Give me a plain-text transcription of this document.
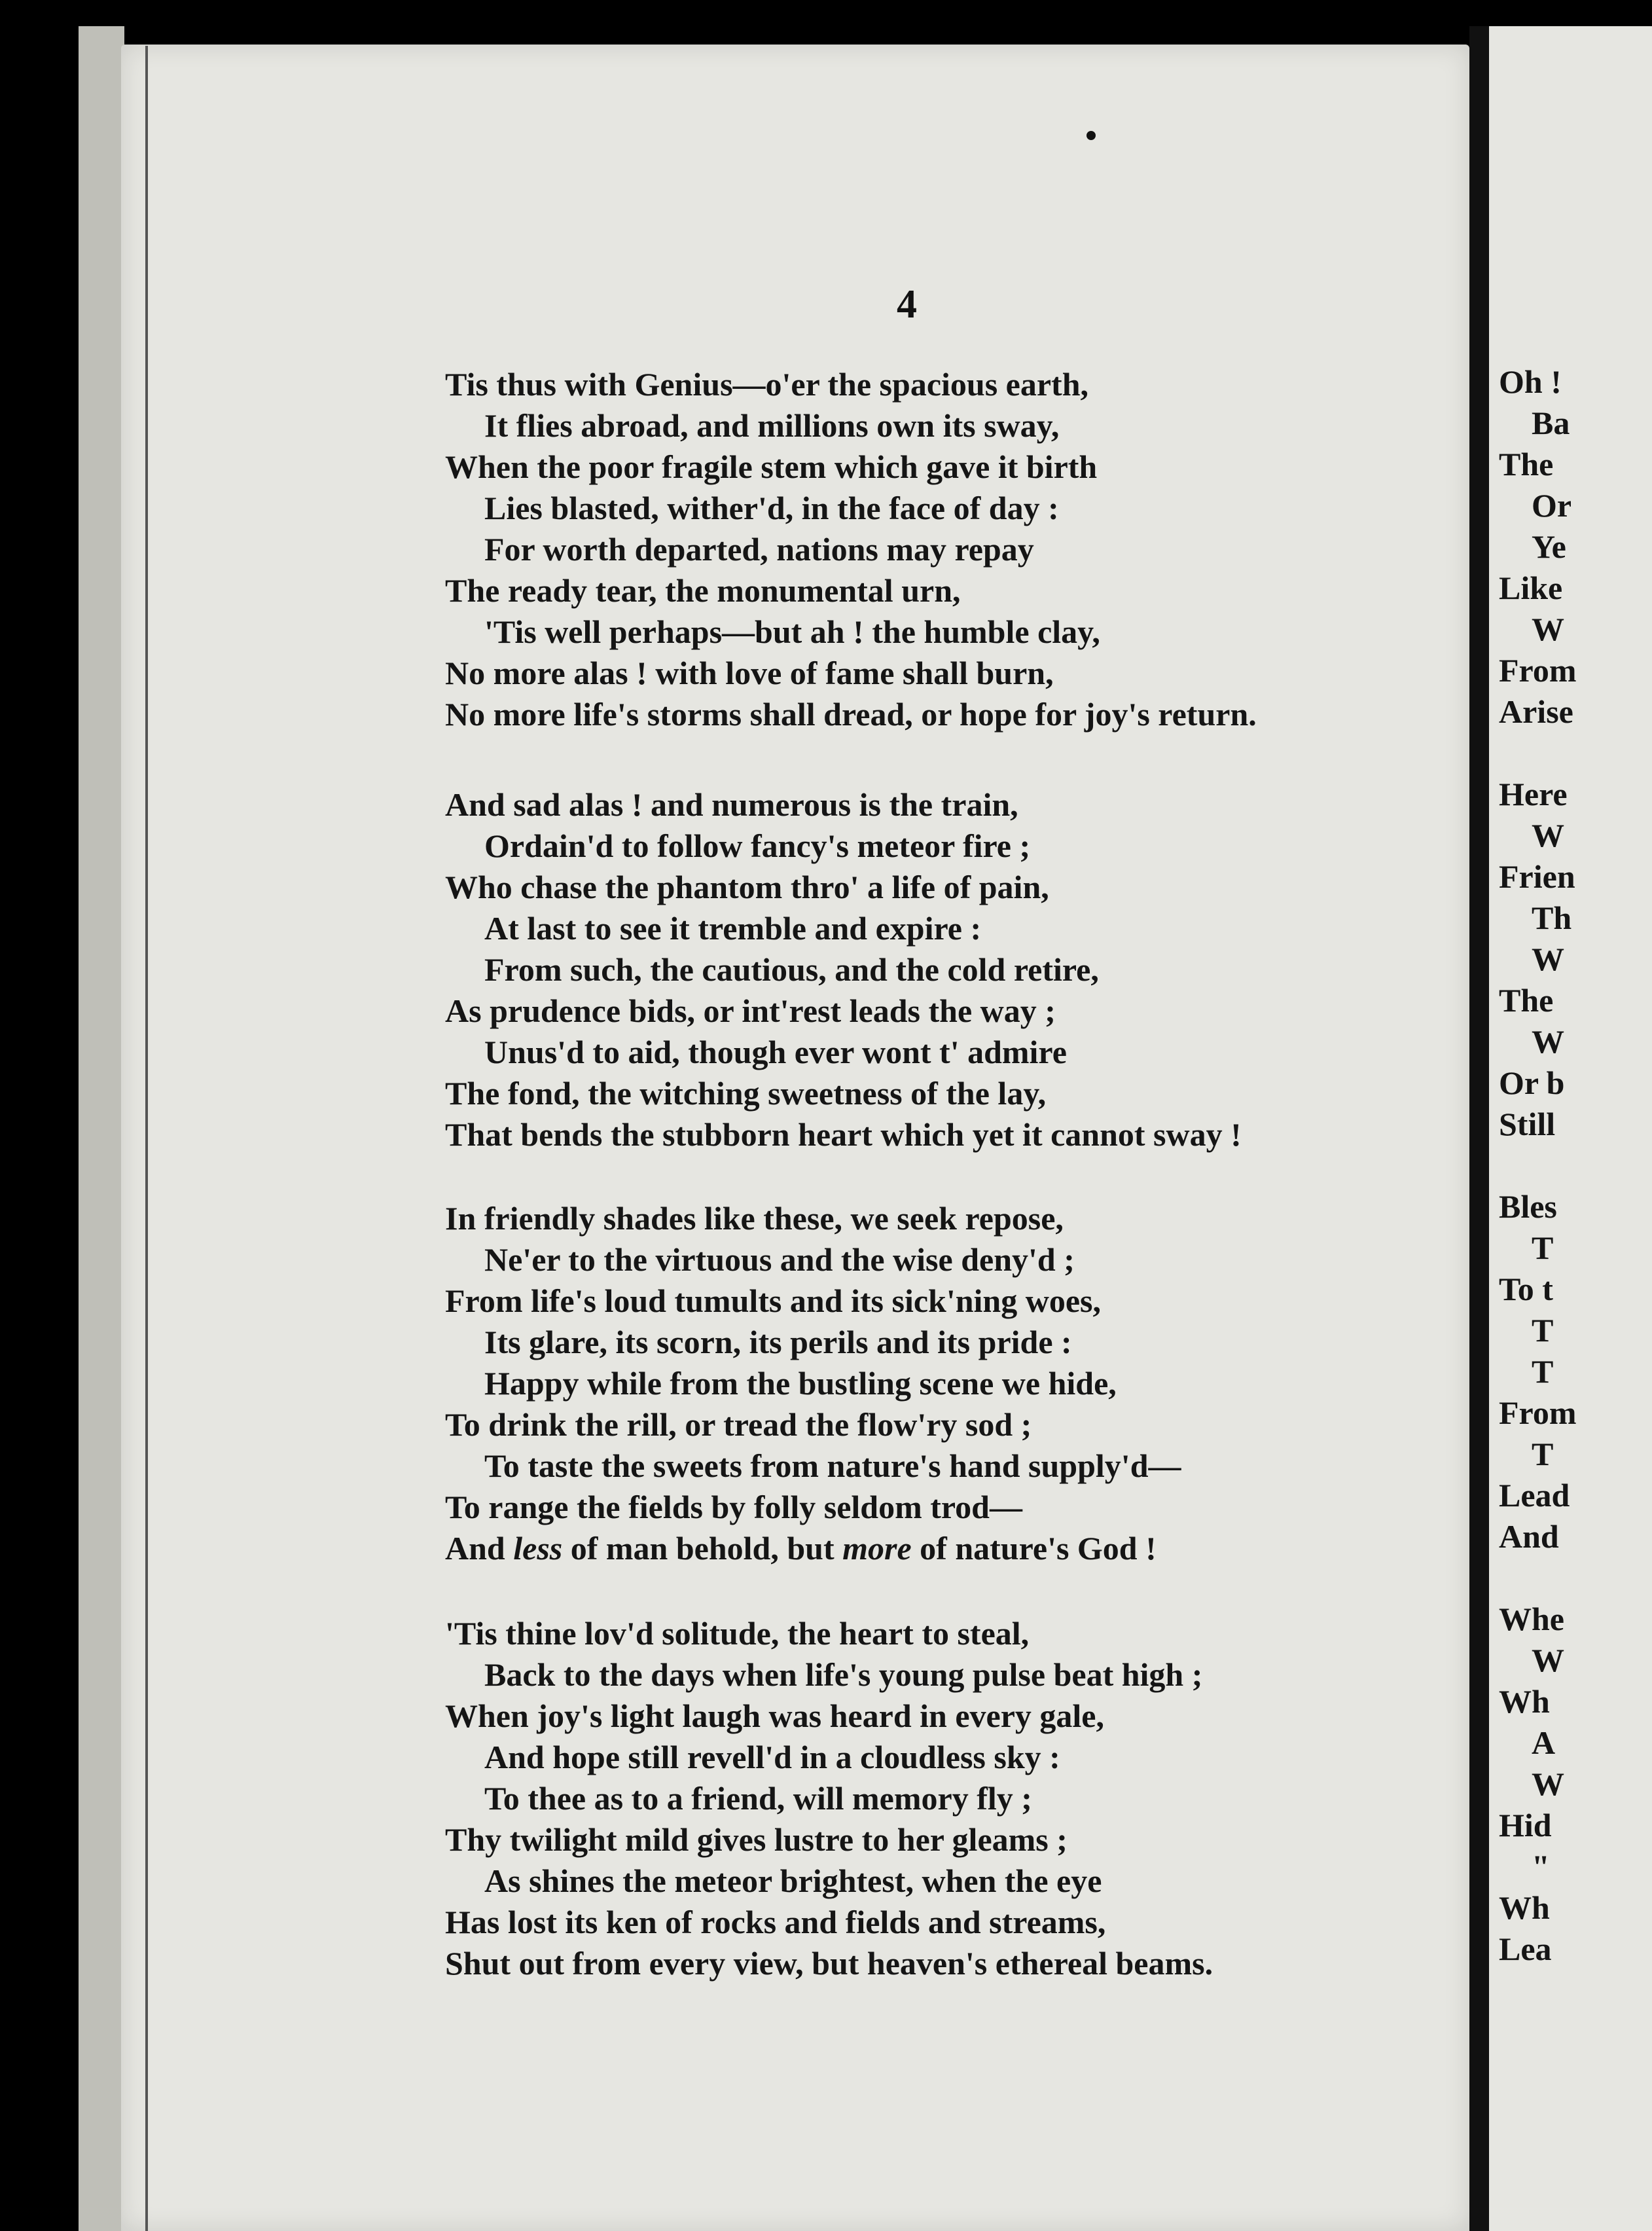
4
Tis thus with Genius—o'er the spacious earth,
It flies abroad, and millions own its sway,
When the poor fragile stem which gave it birth
Lies blasted, wither'd, in the face of day :
For worth departed, nations may repay
The ready tear, the monumental urn,
'Tis well perhaps—but ah ! the humble clay,
No more alas ! with love of fame shall burn,
No more life's storms shall dread, or hope for joy's return.
And sad alas ! and numerous is the train,
Ordain'd to follow fancy's meteor fire ;
Who chase the phantom thro' a life of pain,
At last to see it tremble and expire :
From such, the cautious, and the cold retire,
As prudence bids, or int'rest leads the way ;
Unus'd to aid, though ever wont t' admire
The fond, the witching sweetness of the lay,
That bends the stubborn heart which yet it cannot sway !
In friendly shades like these, we seek repose,
Ne'er to the virtuous and the wise deny'd ;
From life's loud tumults and its sick'ning woes,
Its glare, its scorn, its perils and its pride :
Happy while from the bustling scene we hide,
To drink the rill, or tread the flow'ry sod ;
To taste the sweets from nature's hand supply'd—
To range the fields by folly seldom trod—
And less of man behold, but more of nature's God !
'Tis thine lov'd solitude, the heart to steal,
Back to the days when life's young pulse beat high ;
When joy's light laugh was heard in every gale,
And hope still revell'd in a cloudless sky :
To thee as to a friend, will memory fly ;
Thy twilight mild gives lustre to her gleams ;
As shines the meteor brightest, when the eye
Has lost its ken of rocks and fields and streams,
Shut out from every view, but heaven's ethereal beams.
Oh !
Ba
The
Or
Ye
Like
W
From
Arise
Here
W
Frien
Th
W
The
W
Or b
Still
Bles
T
To t
T
T
From
T
Lead
And
Whe
W
Wh
A
W
Hid
"
Wh
Lea
